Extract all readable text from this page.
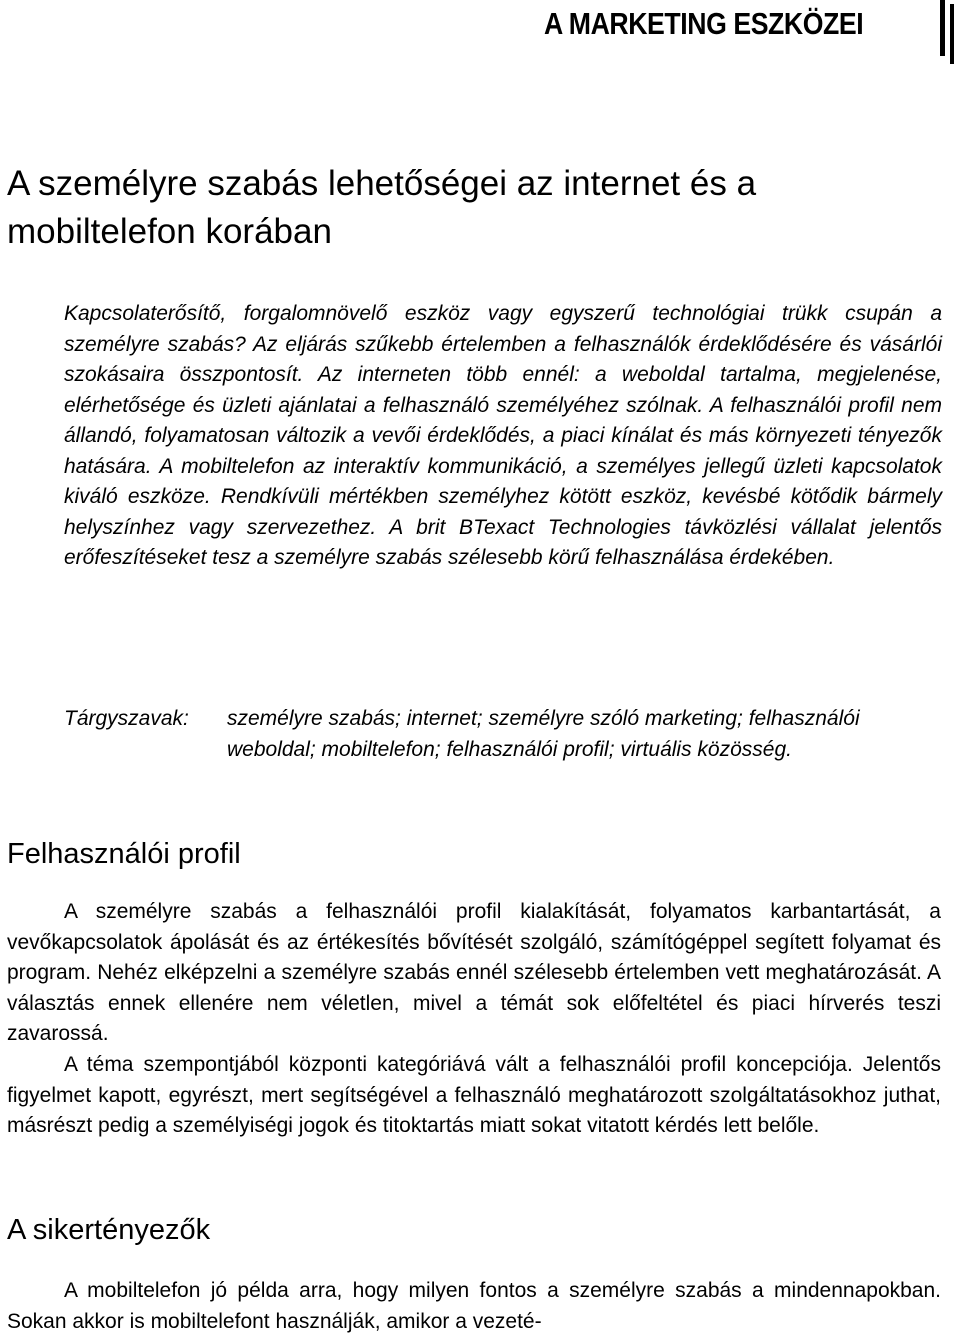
A MARKETING ESZKÖZEI
A személyre szabás lehetőségei az internet és a mobiltelefon korában

Kapcsolaterősítő, forgalomnövelő eszköz vagy egyszerű technológiai trükk csupán a személyre szabás? Az eljárás szűkebb értelemben a felhasználók érdeklődésére és vásárlói szokásaira összpontosít. Az interneten több ennél: a weboldal tartalma, megjelenése, elérhetősége és üzleti ajánlatai a felhasználó személyéhez szólnak. A felhasználói profil nem állandó, folyamatosan változik a vevői érdeklődés, a piaci kínálat és más környezeti tényezők hatására. A mobiltelefon az interaktív kommunikáció, a személyes jellegű üzleti kapcsolatok kiváló eszköze. Rendkívüli mértékben személyhez kötött eszköz, kevésbé kötődik bármely helyszínhez vagy szervezethez. A brit BTexact Technologies távközlési vállalat jelentős erőfeszítéseket tesz a személyre szabás szélesebb körű felhasználása érdekében.

Tárgyszavak:	személyre szabás; internet; személyre szóló marketing; felhasználói weboldal; mobiltelefon; felhasználói profil; virtuális közösség.
Felhasználói profil

A személyre szabás a felhasználói profil kialakítását, folyamatos karbantartását, a vevőkapcsolatok ápolását és az értékesítés bővítését szolgáló, számítógéppel segített folyamat és program. Nehéz elképzelni a személyre szabás ennél szélesebb értelemben vett meghatározását. A választás ennek ellenére nem véletlen, mivel a témát sok előfeltétel és piaci hírverés teszi zavarossá.

A téma szempontjából központi kategóriává vált a felhasználói profil koncepciója. Jelentős figyelmet kapott, egyrészt, mert segítségével a felhasználó meghatározott szolgáltatásokhoz juthat, másrészt pedig a személyiségi jogok és titoktartás miatt sokat vitatott kérdés lett belőle.

A sikertényezők

A mobiltelefon jó példa arra, hogy milyen fontos a személyre szabás a mindennapokban. Sokan akkor is mobiltelefont használják, amikor a vezeté-
